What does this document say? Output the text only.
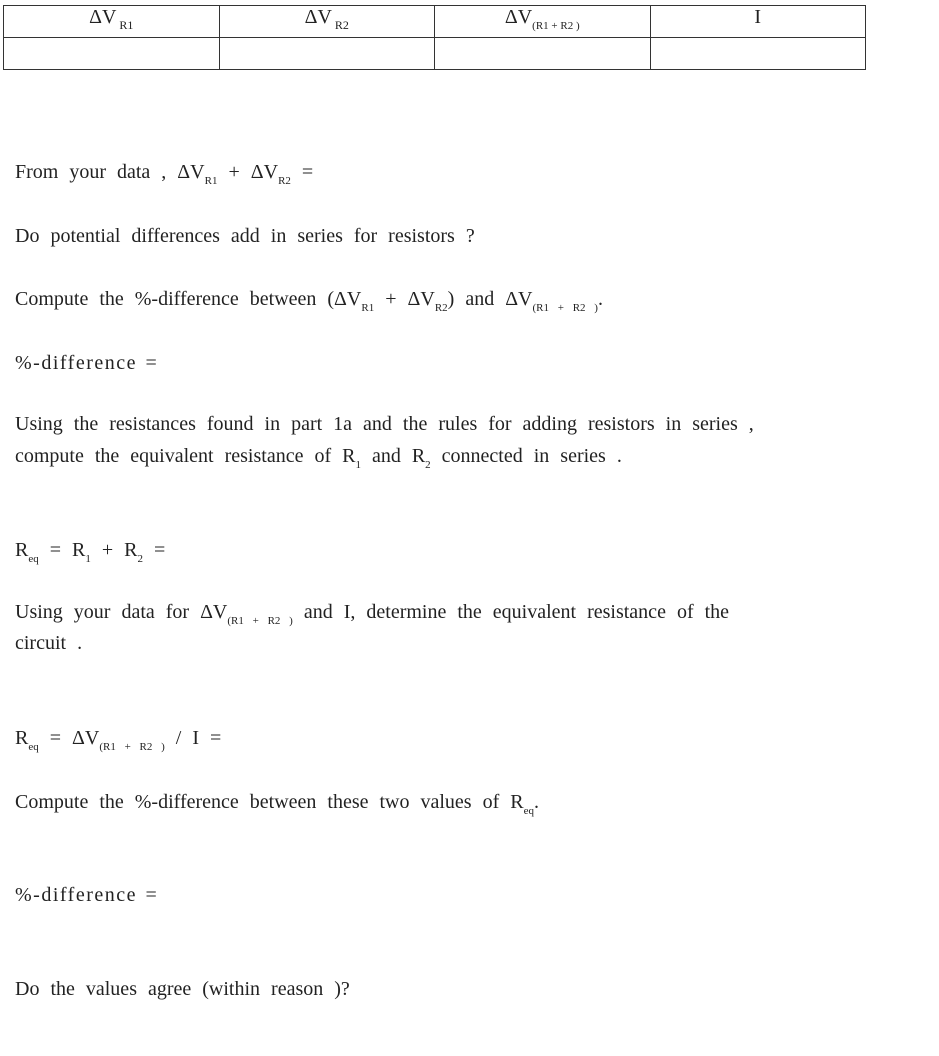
ΔV $_{R1}$	ΔV $_{R2}$	$\Delta V_{(R1 + R2 )}$	I

From your data , $\Delta V_{R1} + \Delta V_{R2}$ =
Do potential differences add in series for resistors ?
Compute the %-difference between $(\Delta V_{R1} + \Delta V_{R2})$ and $\Delta V_{(R1 + R2 )}$.
%-difference =
Using the resistances found in part 1a and the rules for adding resistors in series ,
compute the equivalent resistance of $R_1$ and $R_2$ connected in series .
$R_{eq} = R_1 + R_2$ =
Using your data for $\Delta V_{(R1 + R2 )}$ and I, determine the equivalent resistance of the
circuit .
$R_{eq} = \Delta V_{(R1 + R2 )} / I$ =
Compute the %-difference between these two values of $R_{eq}$.
%-difference =
Do the values agree (within reason )?
